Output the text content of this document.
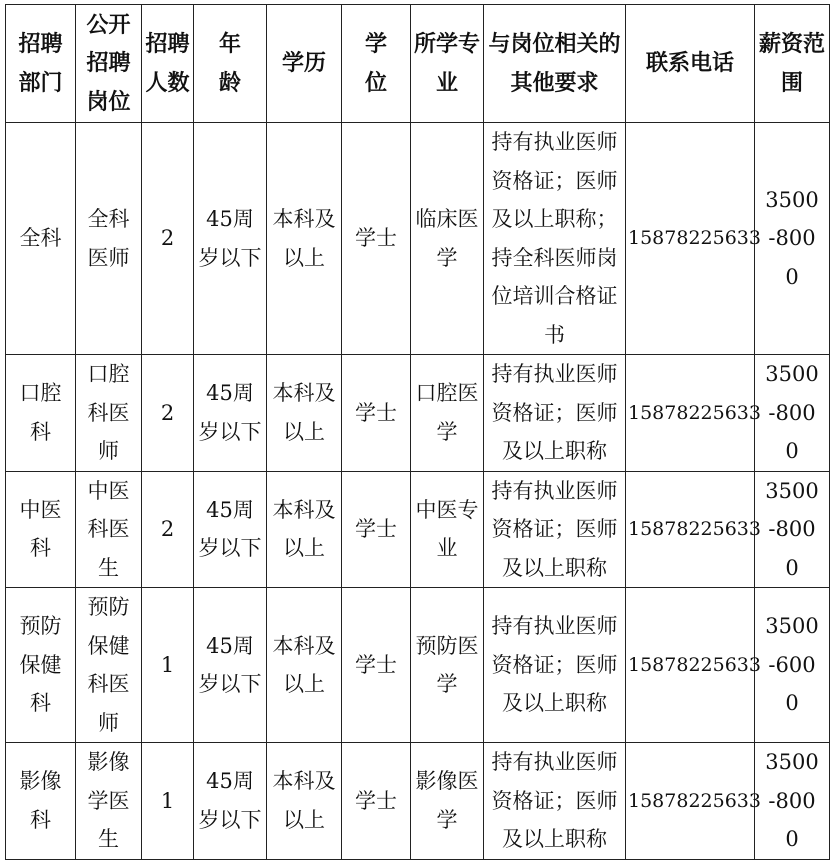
招聘部门	公开招聘岗位	招聘人数	年龄	学历	学位	所学专业	与岗位相关的其他要求	联系电话	薪资范围
全科	全科医师	2	45周岁以下	本科及以上	学士	临床医学	持有执业医师资格证；医师及以上职称；持全科医师岗位培训合格证书	15878225633	3500-8000
口腔科	口腔科医师	2	45周岁以下	本科及以上	学士	口腔医学	持有执业医师资格证；医师及以上职称	15878225633	3500-8000
中医科	中医科医生	2	45周岁以下	本科及以上	学士	中医专业	持有执业医师资格证；医师及以上职称	15878225633	3500-8000
预防保健科	预防保健科医师	1	45周岁以下	本科及以上	学士	预防医学	持有执业医师资格证；医师及以上职称	15878225633	3500-6000
影像科	影像学医生	1	45周岁以下	本科及以上	学士	影像医学	持有执业医师资格证；医师及以上职称	15878225633	3500-8000
